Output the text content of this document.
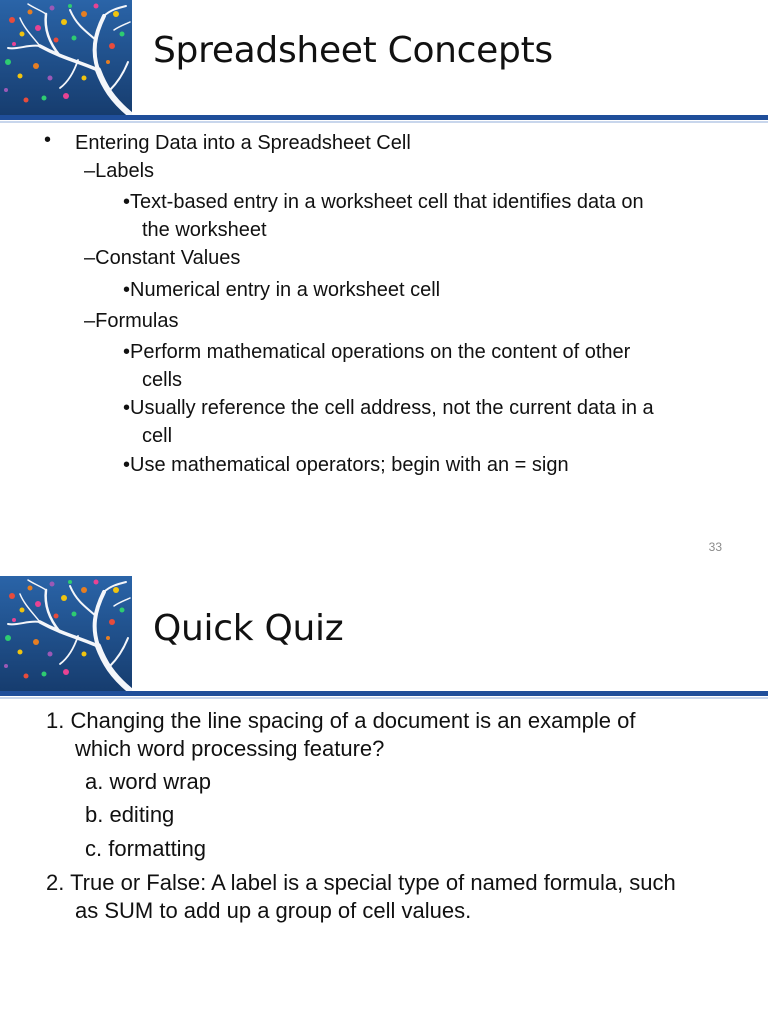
Spreadsheet Concepts
• Entering Data into a Spreadsheet Cell
–Labels
•Text-based entry in a worksheet cell that identifies data on
the worksheet
–Constant Values
•Numerical entry in a worksheet cell
–Formulas
•Perform mathematical operations on the content of other
cells
•Usually reference the cell address, not the current data in a
cell
•Use mathematical operators; begin with an = sign
33
Quick Quiz
1. Changing the line spacing of a document is an example of
which word processing feature?
a. word wrap
b. editing
c. formatting
2. True or False: A label is a special type of named formula, such
as SUM to add up a group of cell values.
